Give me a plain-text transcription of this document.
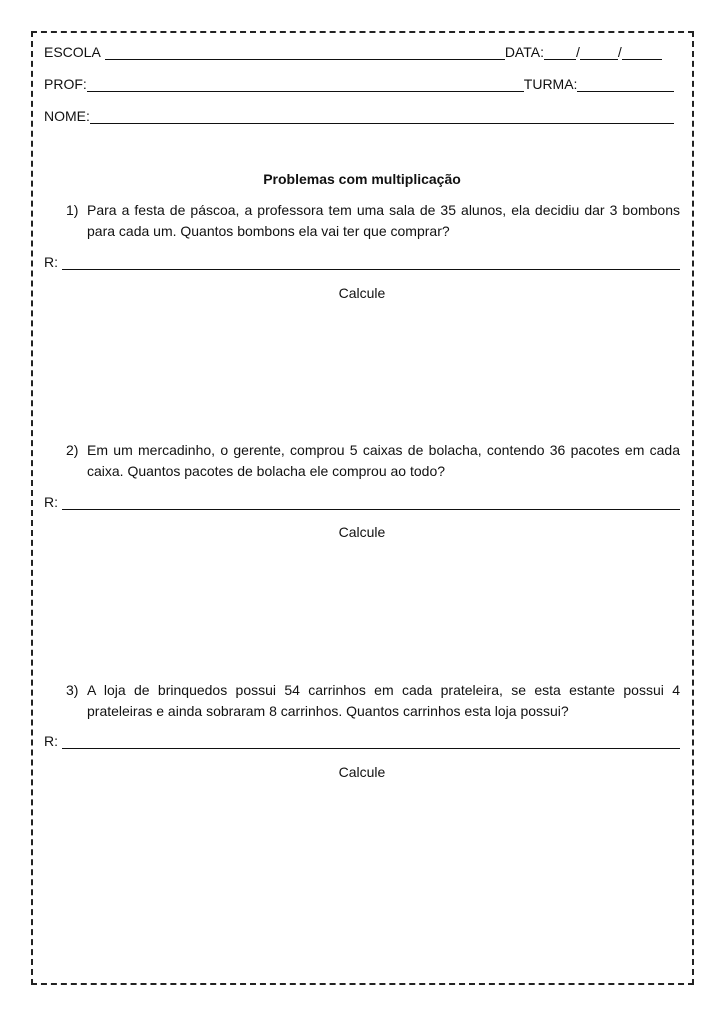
ESCOLA	DATA: /	/
PROF:	TURMA:
NOME:
Problemas com multiplicação
1) Para a festa de páscoa, a professora tem uma sala de 35 alunos, ela decidiu dar 3 bombons para cada um. Quantos bombons ela vai ter que comprar?
R:
Calcule
2) Em um mercadinho, o gerente, comprou 5 caixas de bolacha, contendo 36 pacotes em cada caixa. Quantos pacotes de bolacha ele comprou ao todo?
R:
Calcule
3) A loja de brinquedos possui 54 carrinhos em cada prateleira, se esta estante possui 4 prateleiras e ainda sobraram 8 carrinhos. Quantos carrinhos esta loja possui?
R:
Calcule
